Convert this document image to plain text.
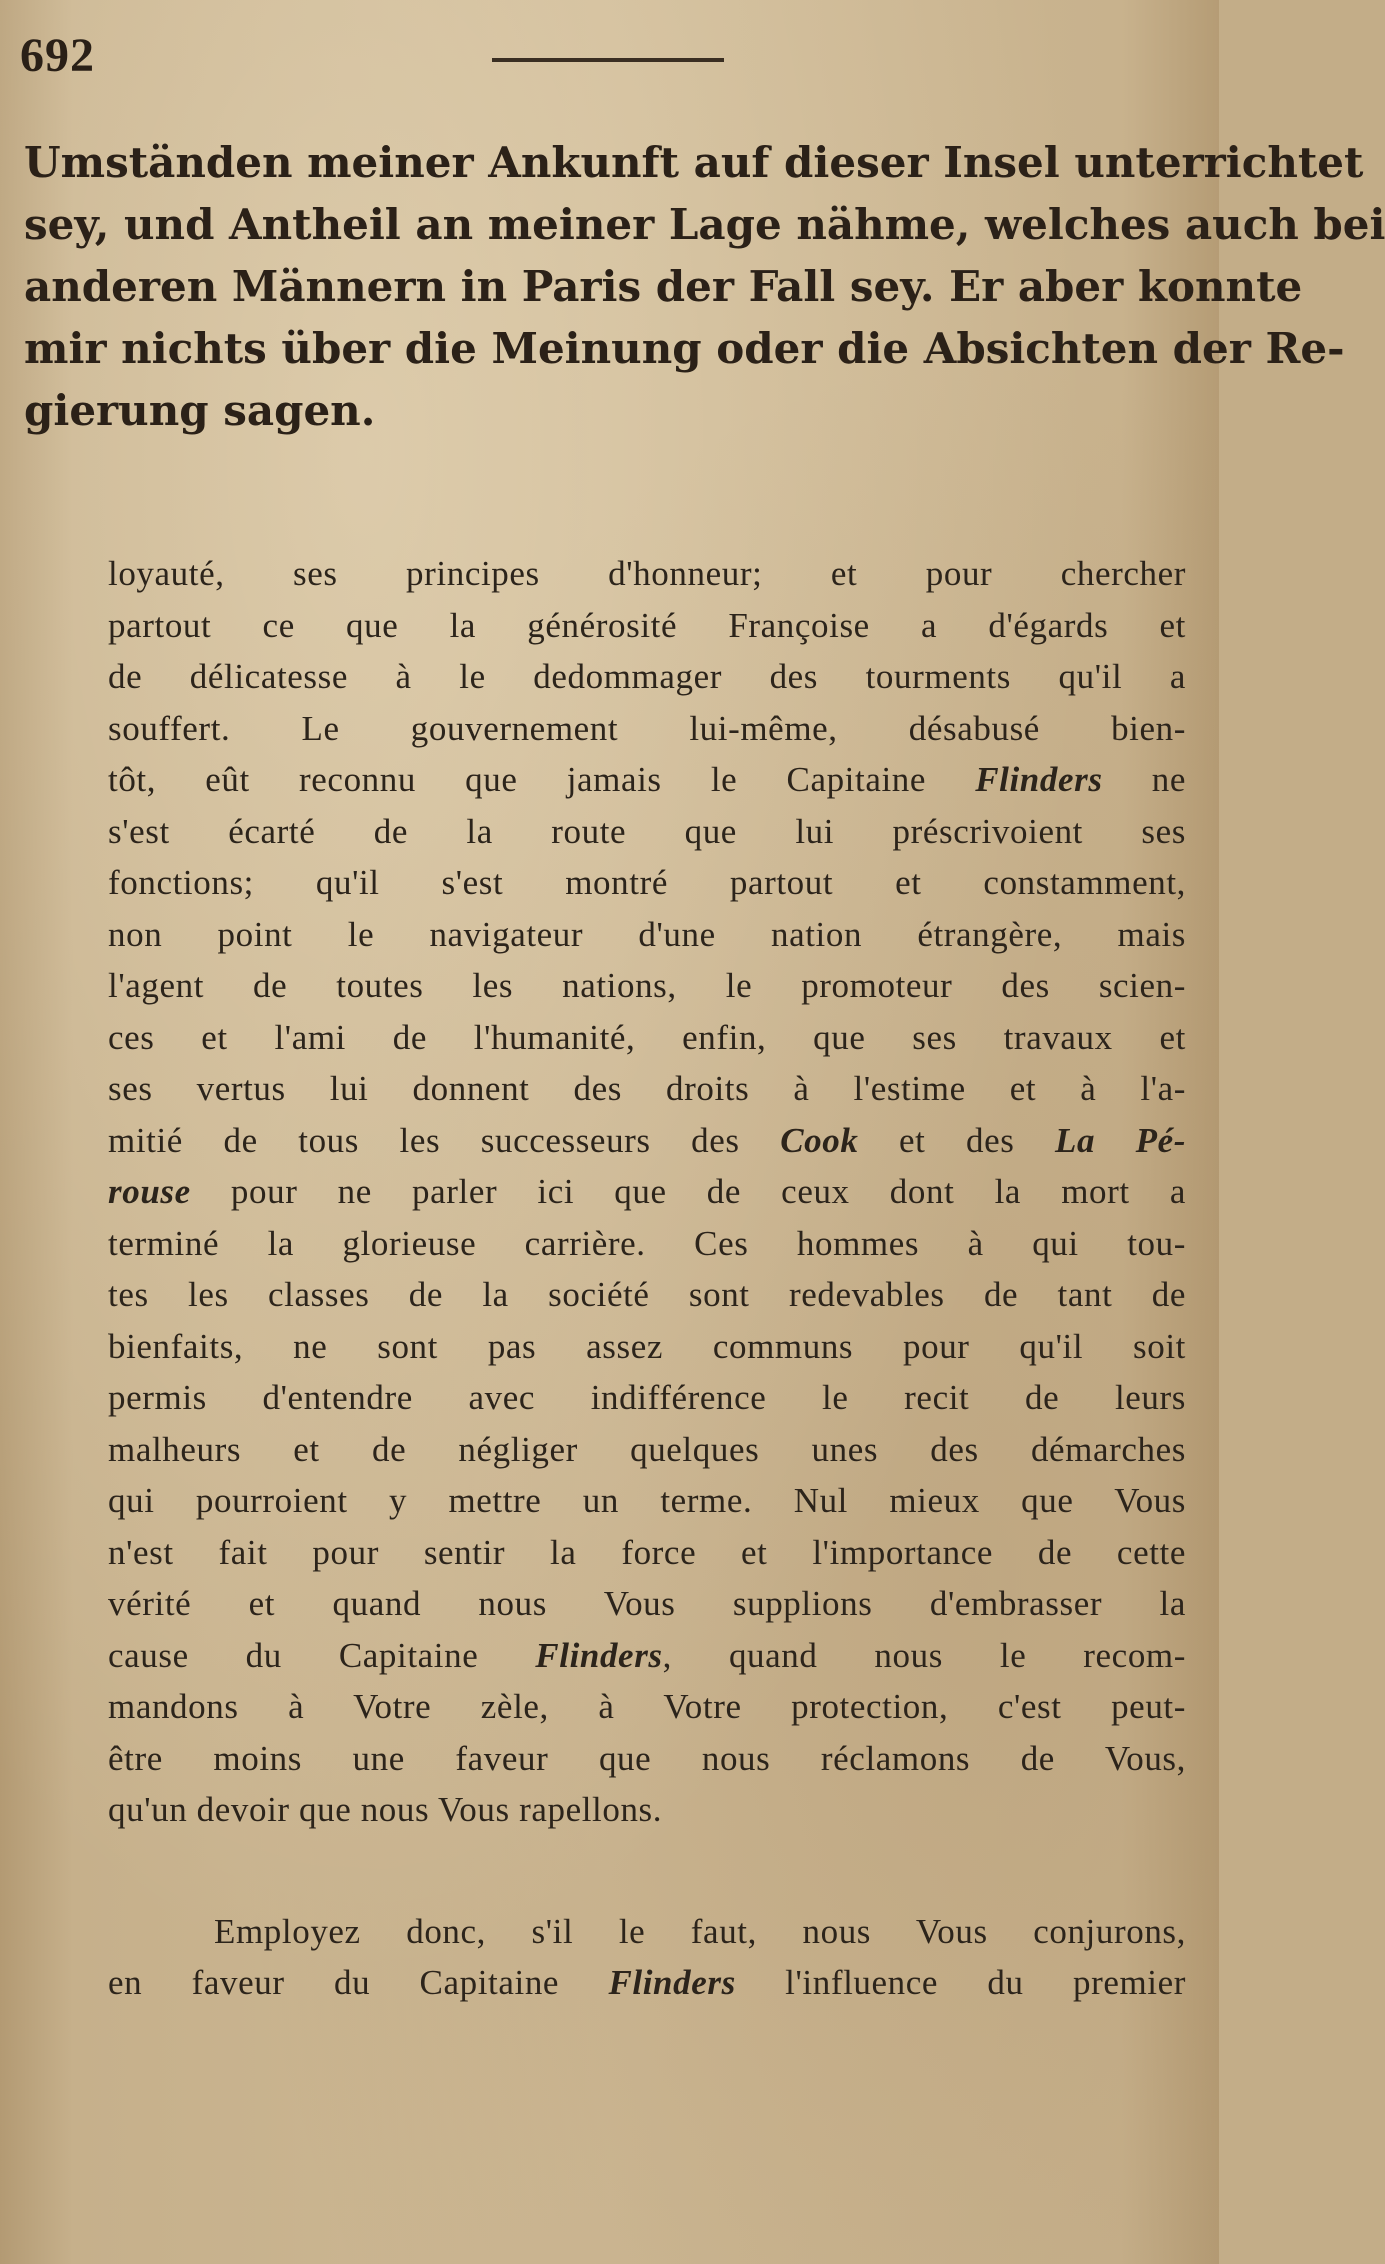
692
Umständen meiner Ankunft auf dieser Insel unterrichtet
sey, und Antheil an meiner Lage nähme, welches auch bei
anderen Männern in Paris der Fall sey. Er aber konnte
mir nichts über die Meinung oder die Absichten der Re-
gierung sagen.
loyauté, ses principes d'honneur; et pour chercher
partout ce que la générosité Françoise a d'égards et
de délicatesse à le dedommager des tourments qu'il a
souffert. Le gouvernement lui-même, désabusé bien-
tôt, eût reconnu que jamais le Capitaine Flinders ne
s'est écarté de la route que lui préscrivoient ses
fonctions; qu'il s'est montré partout et constamment,
non point le navigateur d'une nation étrangère, mais
l'agent de toutes les nations, le promoteur des scien-
ces et l'ami de l'humanité, enfin, que ses travaux et
ses vertus lui donnent des droits à l'estime et à l'a-
mitié de tous les successeurs des Cook et des La Pé-
rouse pour ne parler ici que de ceux dont la mort a
terminé la glorieuse carrière. Ces hommes à qui tou-
tes les classes de la société sont redevables de tant de
bienfaits, ne sont pas assez communs pour qu'il soit
permis d'entendre avec indifférence le recit de leurs
malheurs et de négliger quelques unes des démarches
qui pourroient y mettre un terme. Nul mieux que Vous
n'est fait pour sentir la force et l'importance de cette
vérité et quand nous Vous supplions d'embrasser la
cause du Capitaine Flinders, quand nous le recom-
mandons à Votre zèle, à Votre protection, c'est peut-
être moins une faveur que nous réclamons de Vous,
qu'un devoir que nous Vous rapellons.
Employez donc, s'il le faut, nous Vous conjurons,
en faveur du Capitaine Flinders l'influence du premier
